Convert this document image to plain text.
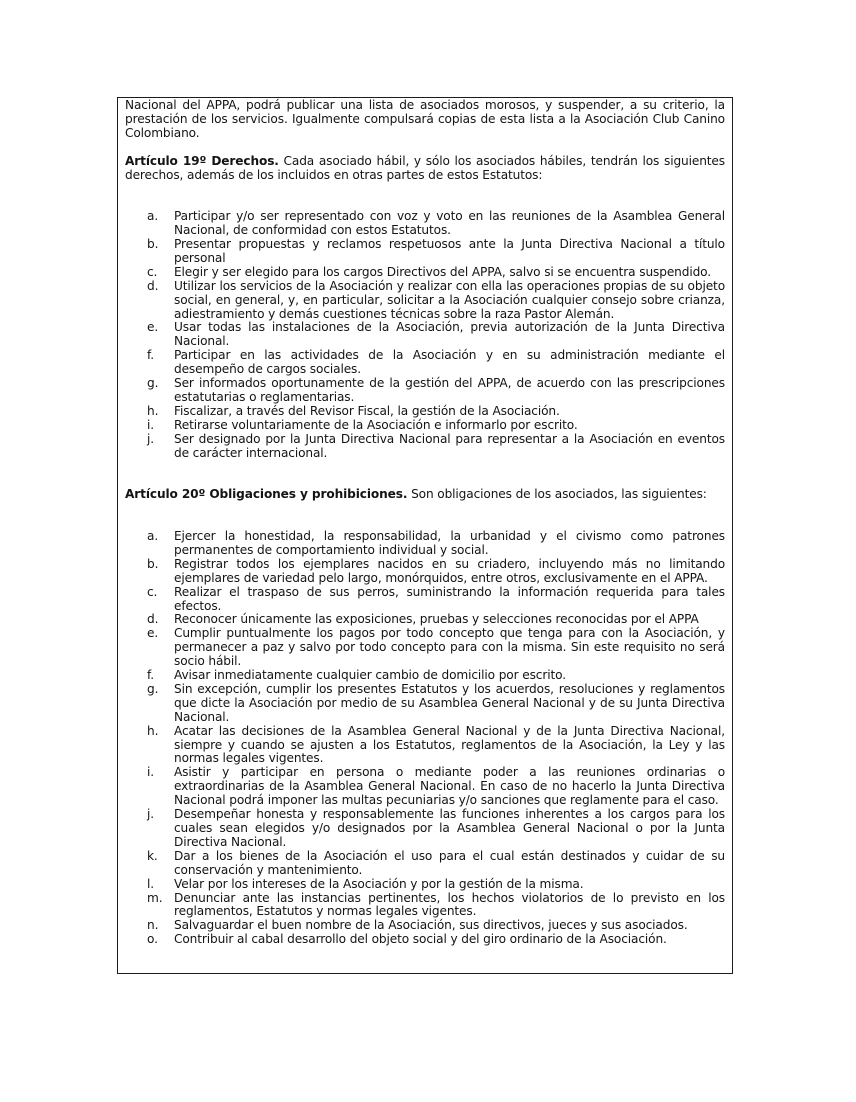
Nacional del APPA, podrá publicar una lista de asociados morosos, y suspender, a su criterio, la prestación de los servicios. Igualmente compulsará copias de esta lista a la Asociación Club Canino Colombiano.

Artículo 19º Derechos. Cada asociado hábil, y sólo los asociados hábiles, tendrán los siguientes derechos, además de los incluidos en otras partes de estos Estatutos:

a.	Participar y/o ser representado con voz y voto en las reuniones de la Asamblea General Nacional, de conformidad con estos Estatutos.
b.	Presentar propuestas y reclamos respetuosos ante la Junta Directiva Nacional a título personal
c.	Elegir y ser elegido para los cargos Directivos del APPA, salvo si se encuentra suspendido.
d.	Utilizar los servicios de la Asociación y realizar con ella las operaciones propias de su objeto social, en general, y, en particular, solicitar a la Asociación cualquier consejo sobre crianza, adiestramiento y demás cuestiones técnicas sobre la raza Pastor Alemán.
e.	Usar todas las instalaciones de la Asociación, previa autorización de la Junta Directiva Nacional.
f.	Participar en las actividades de la Asociación y en su administración mediante el desempeño de cargos sociales.
g.	Ser informados oportunamente de la gestión del APPA, de acuerdo con las prescripciones estatutarias o reglamentarias.
h.	Fiscalizar, a través del Revisor Fiscal, la gestión de la Asociación.
i.	Retirarse voluntariamente de la Asociación e informarlo por escrito.
j.	Ser designado por la Junta Directiva Nacional para representar a la Asociación en eventos de carácter internacional.

Artículo 20º Obligaciones y prohibiciones. Son obligaciones de los asociados, las siguientes:

a.	Ejercer la honestidad, la responsabilidad, la urbanidad y el civismo como patrones permanentes de comportamiento individual y social.
b.	Registrar todos los ejemplares nacidos en su criadero, incluyendo más no limitando ejemplares de variedad pelo largo, monórquidos, entre otros, exclusivamente en el APPA.
c.	Realizar el traspaso de sus perros, suministrando la información requerida para tales efectos.
d.	Reconocer únicamente las exposiciones, pruebas y selecciones reconocidas por el APPA
e.	Cumplir puntualmente los pagos por todo concepto que tenga para con la Asociación, y permanecer a paz y salvo por todo concepto para con la misma. Sin este requisito no será socio hábil.
f.	Avisar inmediatamente cualquier cambio de domicilio por escrito.
g.	Sin excepción, cumplir los presentes Estatutos y los acuerdos, resoluciones y reglamentos que dicte la Asociación por medio de su Asamblea General Nacional y de su Junta Directiva Nacional.
h.	Acatar las decisiones de la Asamblea General Nacional y de la Junta Directiva Nacional, siempre y cuando se ajusten a los Estatutos, reglamentos de la Asociación, la Ley y las normas legales vigentes.
i.	Asistir y participar en persona o mediante poder a las reuniones ordinarias o extraordinarias de la Asamblea General Nacional. En caso de no hacerlo la Junta Directiva Nacional podrá imponer las multas pecuniarias y/o sanciones que reglamente para el caso.
j.	Desempeñar honesta y responsablemente las funciones inherentes a los cargos para los cuales sean elegidos y/o designados por la Asamblea General Nacional o por la Junta Directiva Nacional.
k.	Dar a los bienes de la Asociación el uso para el cual están destinados y cuidar de su conservación y mantenimiento.
l.	Velar por los intereses de la Asociación y por la gestión de la misma.
m. Denunciar ante las instancias pertinentes, los hechos violatorios de lo previsto en los reglamentos, Estatutos y normas legales vigentes.
n.	Salvaguardar el buen nombre de la Asociación, sus directivos, jueces y sus asociados.
o.	Contribuir al cabal desarrollo del objeto social y del giro ordinario de la Asociación.
